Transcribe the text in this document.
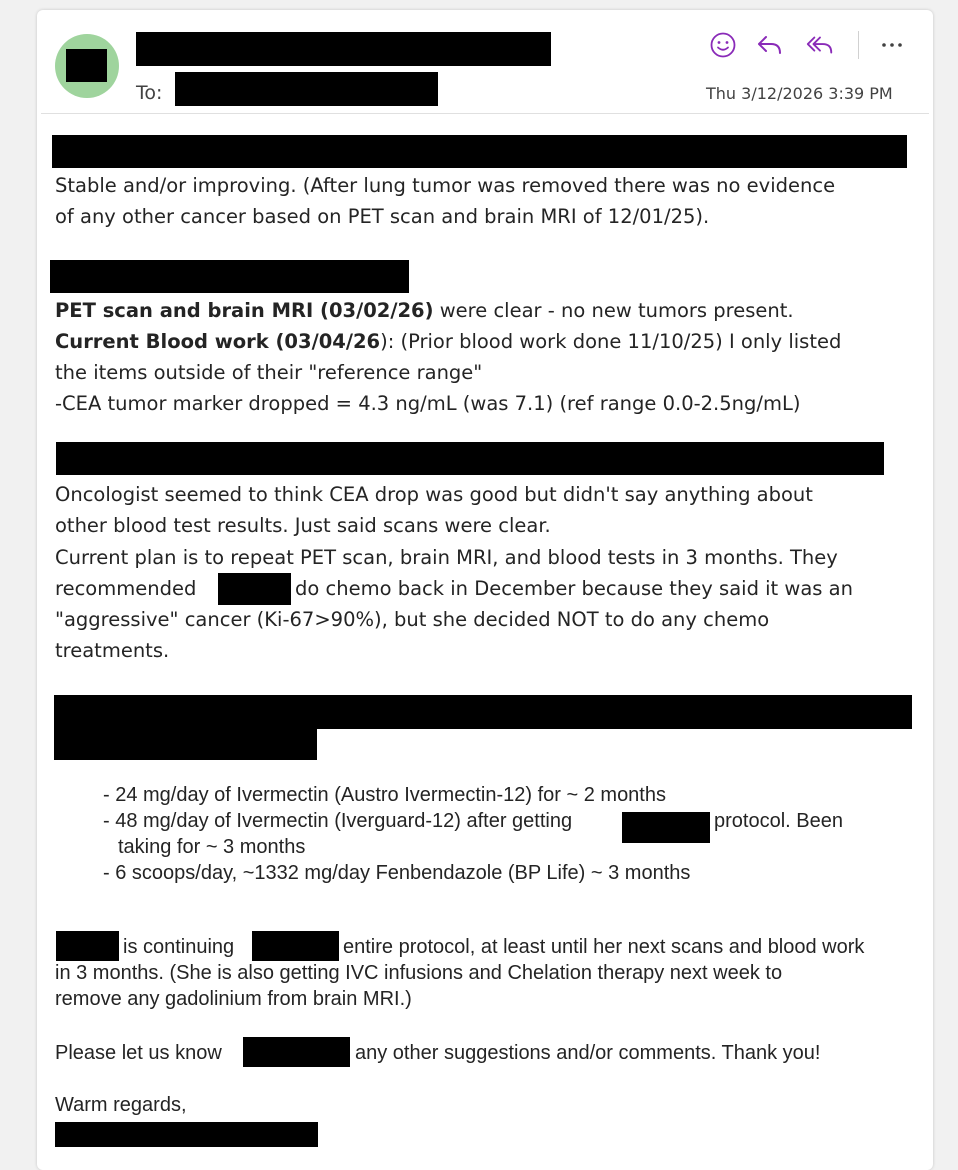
To:	Thu 3/12/2026 3:39 PM
Stable and/or improving. (After lung tumor was removed there was no evidence
of any other cancer based on PET scan and brain MRI of 12/01/25).
PET scan and brain MRI (03/02/26) were clear - no new tumors present.
Current Blood work (03/04/26): (Prior blood work done 11/10/25) I only listed
the items outside of their "reference range"
-CEA tumor marker dropped = 4.3 ng/mL (was 7.1) (ref range 0.0-2.5ng/mL)
Oncologist seemed to think CEA drop was good but didn't say anything about
other blood test results. Just said scans were clear.
Current plan is to repeat PET scan, brain MRI, and blood tests in 3 months. They
recommended	do chemo back in December because they said it was an
"aggressive" cancer (Ki-67>90%), but she decided NOT to do any chemo
treatments.
- 24 mg/day of Ivermectin (Austro Ivermectin-12) for ~ 2 months
- 48 mg/day of Ivermectin (Iverguard-12) after getting	protocol. Been
taking for ~ 3 months
- 6 scoops/day, ~1332 mg/day Fenbendazole (BP Life) ~ 3 months
is continuing	entire protocol, at least until her next scans and blood work
in 3 months. (She is also getting IVC infusions and Chelation therapy next week to
remove any gadolinium from brain MRI.)
Please let us know	any other suggestions and/or comments. Thank you!
Warm regards,
